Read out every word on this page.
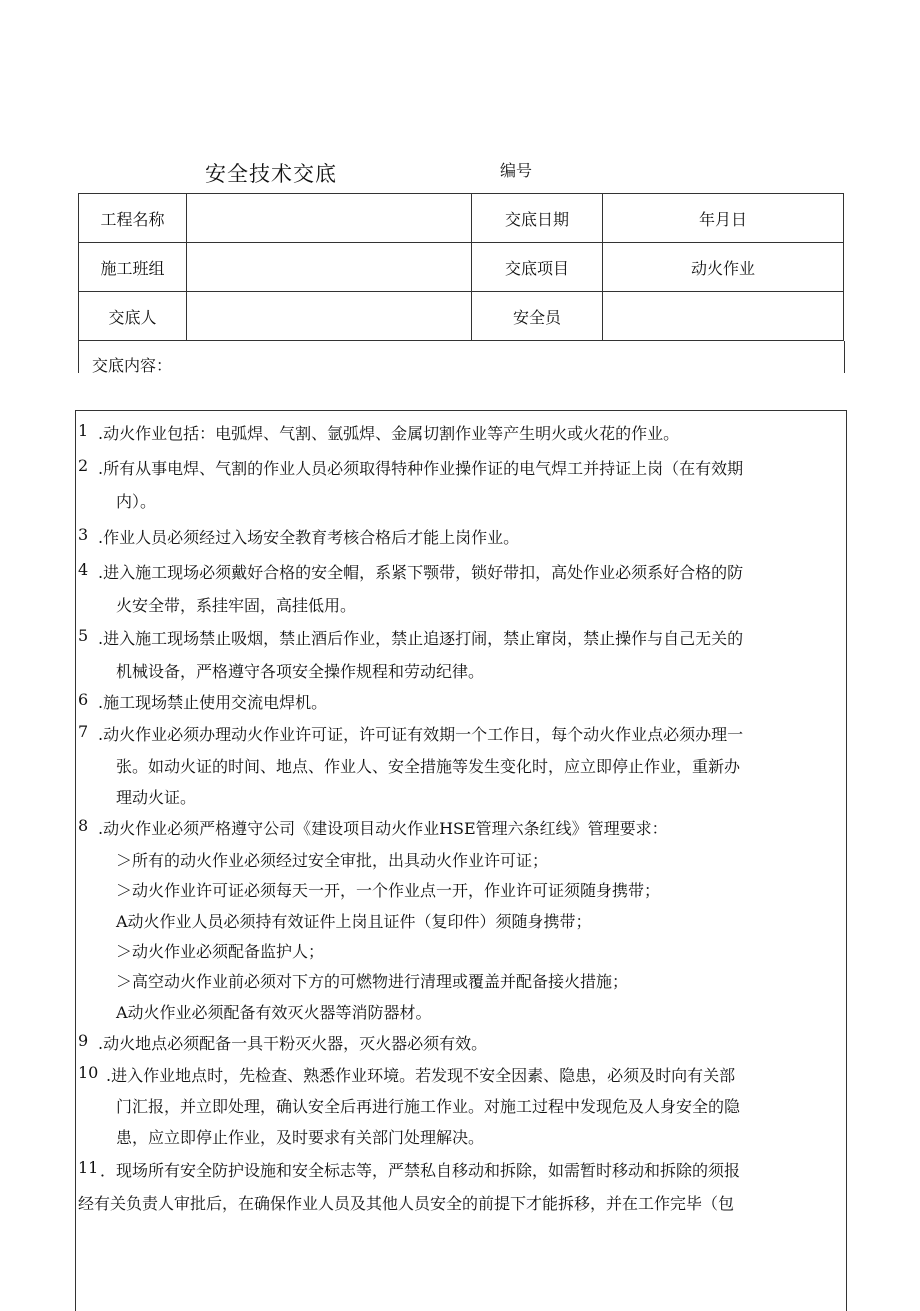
安全技术交底	编号
工程名称		交底日期	年月日
施工班组		交底项目	动火作业
交底人		安全员	
交底内容：
1 .动火作业包括：电弧焊、气割、氩弧焊、金属切割作业等产生明火或火花的作业。
2 .所有从事电焊、气割的作业人员必须取得特种作业操作证的电气焊工并持证上岗（在有效期
内）。
3 .作业人员必须经过入场安全教育考核合格后才能上岗作业。
4 .进入施工现场必须戴好合格的安全帽，系紧下颚带，锁好带扣，高处作业必须系好合格的防
火安全带，系挂牢固，高挂低用。
5 .进入施工现场禁止吸烟，禁止酒后作业，禁止追逐打闹，禁止窜岗，禁止操作与自己无关的
机械设备，严格遵守各项安全操作规程和劳动纪律。
6 .施工现场禁止使用交流电焊机。
7 .动火作业必须办理动火作业许可证，许可证有效期一个工作日，每个动火作业点必须办理一
张。如动火证的时间、地点、作业人、安全措施等发生变化时，应立即停止作业，重新办
理动火证。
8 .动火作业必须严格遵守公司《建设项目动火作业HSE管理六条红线》管理要求：
＞所有的动火作业必须经过安全审批，出具动火作业许可证；
＞动火作业许可证必须每天一开，一个作业点一开，作业许可证须随身携带；
A动火作业人员必须持有效证件上岗且证件（复印件）须随身携带；
＞动火作业必须配备监护人；
＞高空动火作业前必须对下方的可燃物进行清理或覆盖并配备接火措施；
A动火作业必须配备有效灭火器等消防器材。
9 .动火地点必须配备一具干粉灭火器，灭火器必须有效。
10 .进入作业地点时，先检查、熟悉作业环境。若发现不安全因素、隐患，必须及时向有关部
门汇报，并立即处理，确认安全后再进行施工作业。对施工过程中发现危及人身安全的隐
患，应立即停止作业，及时要求有关部门处理解决。
11 ．现场所有安全防护设施和安全标志等，严禁私自移动和拆除，如需暂时移动和拆除的须报
经有关负责人审批后，在确保作业人员及其他人员安全的前提下才能拆移，并在工作完毕（包
